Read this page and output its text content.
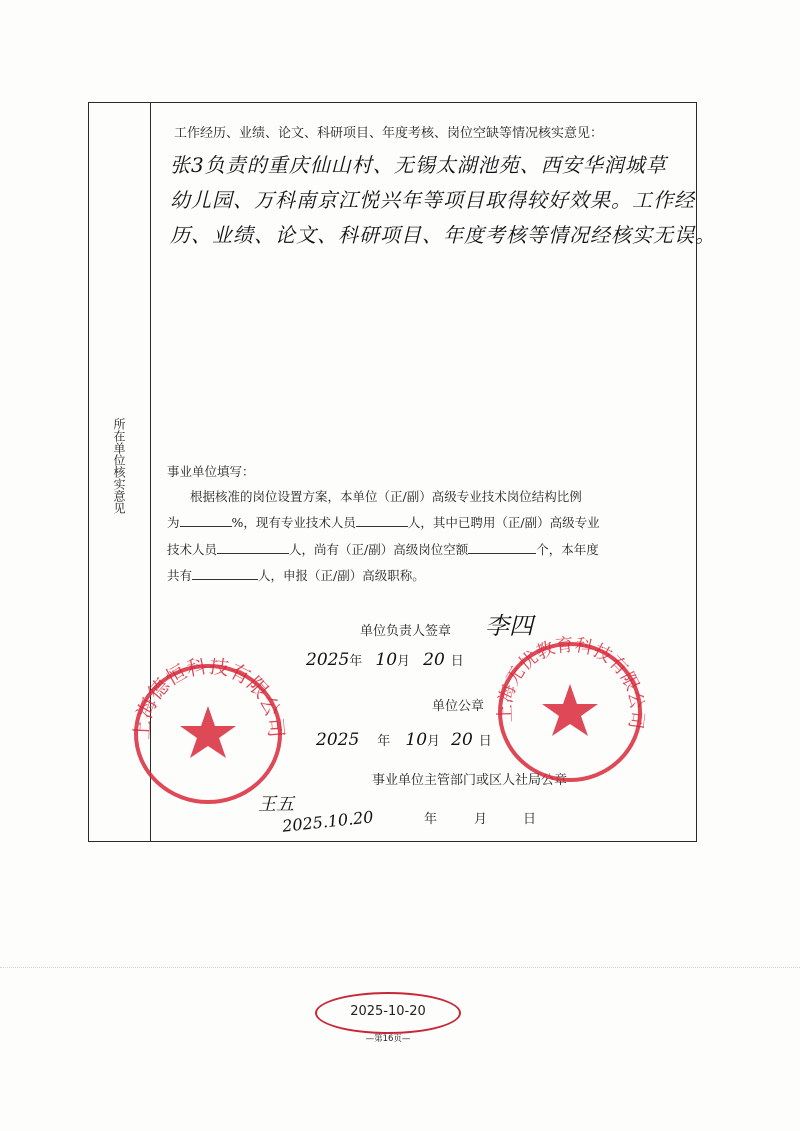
所在单位核实意见
工作经历、业绩、论文、科研项目、年度考核、岗位空缺等情况核实意见：
张3负责的重庆仙山村、无锡太湖池苑、西安华润城草
幼儿园、万科南京江悦兴年等项目取得较好效果。工作经
历、业绩、论文、科研项目、年度考核等情况经核实无误。
事业单位填写：
根据核准的岗位设置方案，本单位（正/副）高级专业技术岗位结构比例
为	%，现有专业技术人员	人，其中已聘用（正/副）高级专业
技术人员	人，尚有（正/副）高级岗位空额	个，本年度
共有	人，申报（正/副）高级职称。
单位负责人签章 李四
2025年 10月 20 日
单位公章
2025 年 10月 20 日
事业单位主管部门或区人社局公章
王五
2025.10.20	年	月	日
上海德恒科技有限公司
上海无忧教育科技有限公司
2025-10-20
—第16页—
